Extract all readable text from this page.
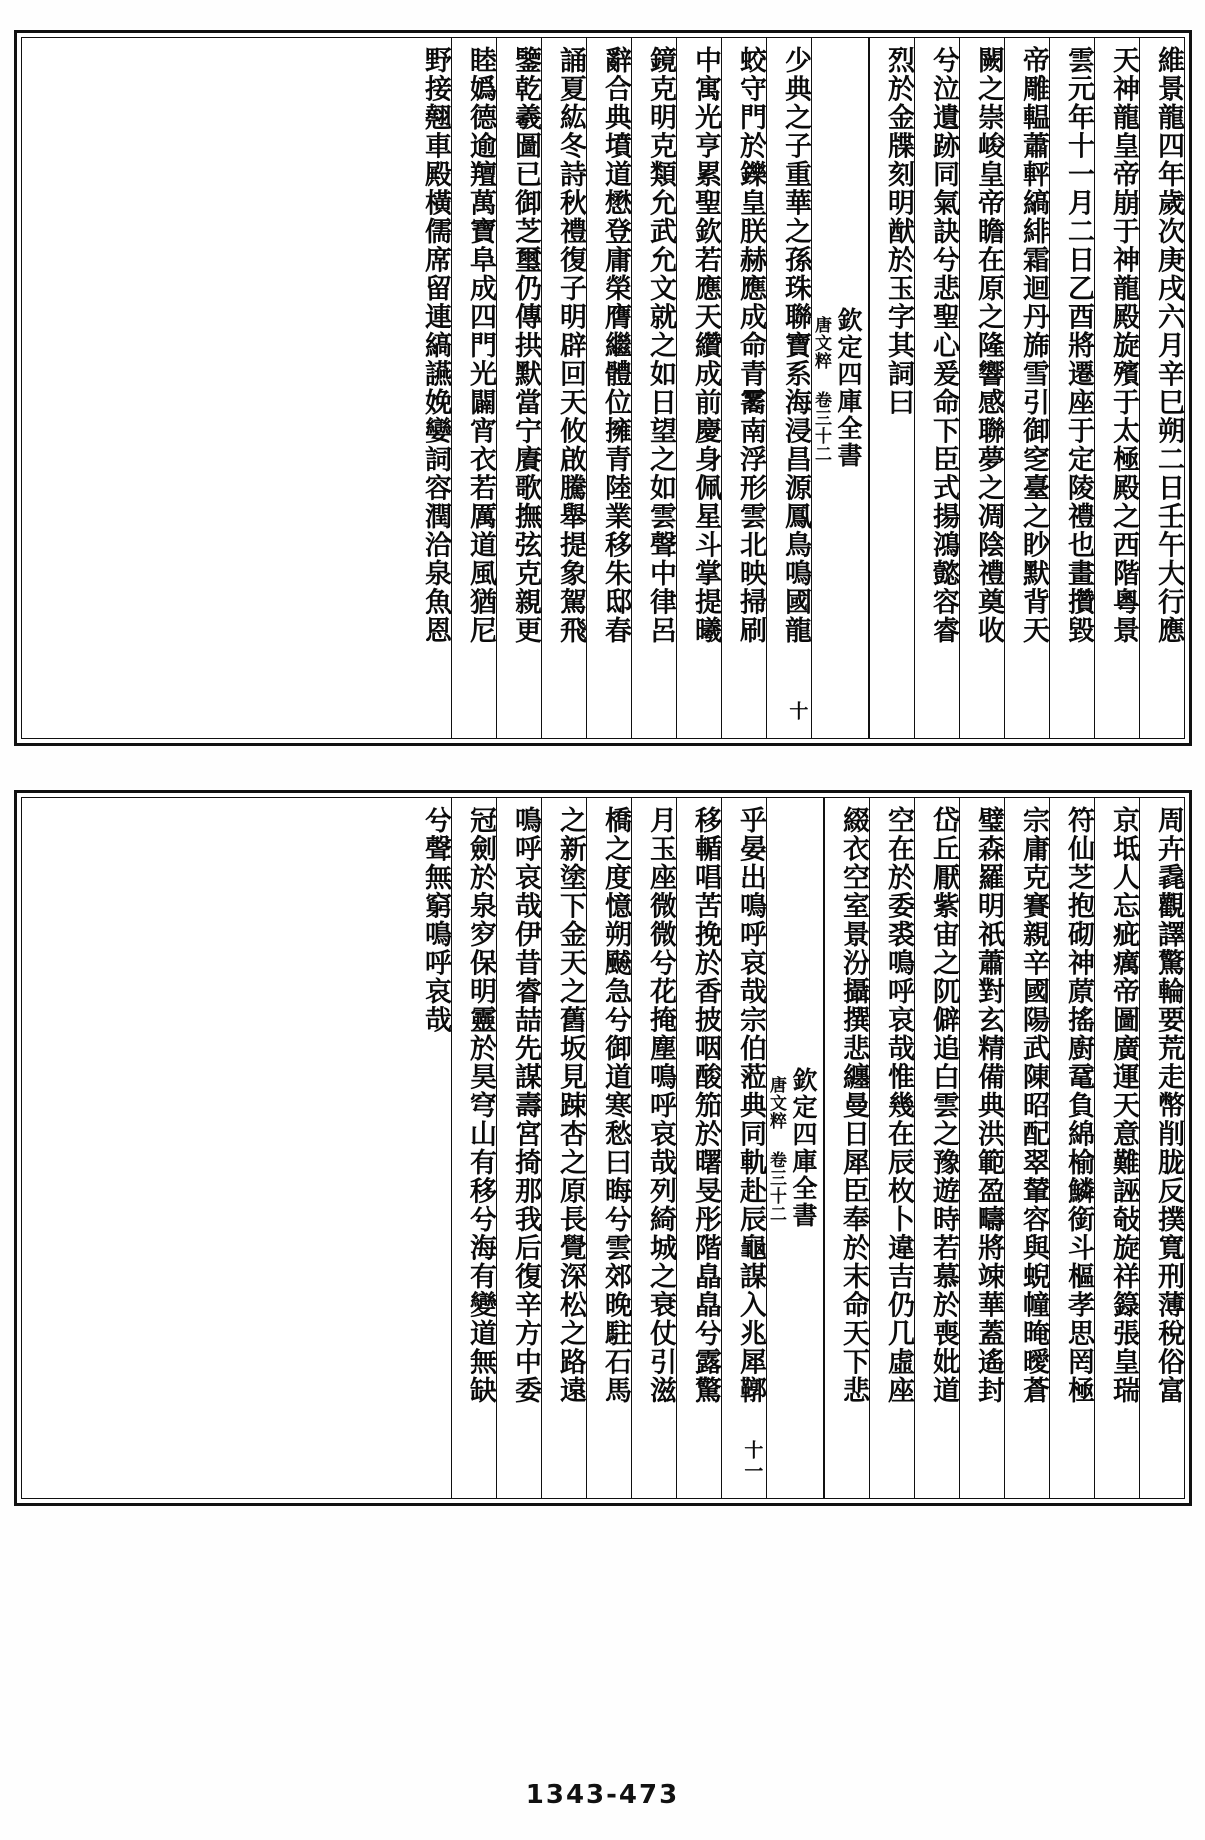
維景龍四年歲次庚戌六月辛巳朔二日壬午大行應
天神龍皇帝崩于神龍殿旋殯于太極殿之西階粵景
雲元年十一月二日乙酉將遷座于定陵禮也畫攢毀
帝雕輼蕭軯縞緋霜迴丹旆雪引御窆臺之眇默背天
闕之崇峻皇帝瞻在原之隆響感聯夢之凋陰禮奠收
兮泣遺跡同氣訣兮悲聖心爰命下臣式揚鴻懿容睿
烈於金牒刻明猷於玉字其詞曰
欽定四庫全書
唐文粹 卷三十二
十
少典之子重華之孫珠聯寶系海浸昌源鳳鳥鳴國龍
蛟守門於鑠皇朕赫應成命青霱南浮形雲北映掃刷
中寓光亨累聖欽若應天纘成前慶身佩星斗掌提曦
鏡克明克類允武允文就之如日望之如雲聲中律呂
辭合典墳道懋登庸榮膺繼體位擁青陸業移朱邸春
誦夏紘冬詩秋禮復子明辟回天攸啟騰舉提象駕飛
鑒乾羲圖已御芝璽仍傳拱默當宁賡歌撫弦克親更
睦嬀德逾羶萬寶阜成四門光闢宵衣若厲道風猶尼
野接翹車殿橫儒席留連縞讌娩孌詞容潤洽泉魚恩
周卉毳觀譯驚輪要荒走幣削胧反撲寬刑薄稅俗富
京坻人忘疵癘帝圖廣運天意難誣敧旋祥籙張皇瑞
符仙芝抱砌神蒝搖廚鼋負綿榆鱗銜斗樞孝思罔極
宗庸克賽親辛國陽武陳昭配翠輦容與蜺幢晻曖蒼
璧森羅明祇蕭對玄精備典洪範盈疇將竦華蓋遙封
岱丘厭紫宙之阢僻追白雲之豫遊時若慕於喪妣道
空在於委裘鳴呼哀哉惟幾在辰枚卜違吉仍几虛座
綴衣空室景汾攝撰悲纏曼日犀臣奉於末命天下悲
欽定四庫全書
唐文粹 卷三十二
十一
乎晏出鳴呼哀哉宗伯蒞典同軌赴辰龜謀入兆犀鞹
移輴唱苦挽於香披咽酸笳於曙旻彤階皛皛兮露驚
月玉座微微兮花掩塵鳴呼哀哉列綺城之衰仗引滋
橋之度憶朔飇急兮御道寒愁曰晦兮雲郊晚駐石馬
之新塗下金天之舊坂見踈杏之原長覺深松之路遠
鳴呼哀哉伊昔睿喆先謀壽宮掎那我后復辛方中委
冠劍於泉穸保明靈於昊穹山有移兮海有變道無缺
兮聲無窮鳴呼哀哉
1343-473
